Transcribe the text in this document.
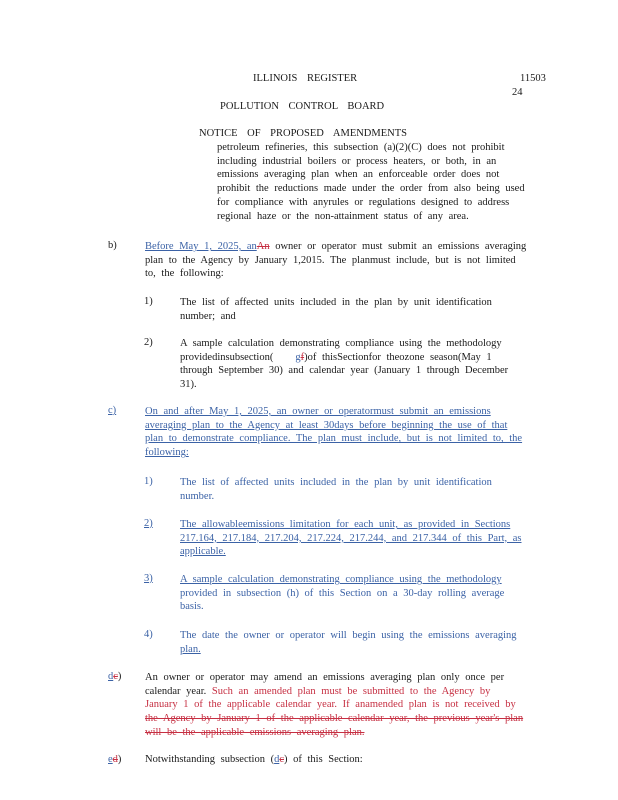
ILLINOIS REGISTER	11503
24
POLLUTION CONTROL BOARD
NOTICE OF PROPOSED AMENDMENTS
petroleum refineries, this subsection (a)(2)(C) does not prohibit
including industrial boilers or process heaters, or both, in an
emissions averaging plan when an enforceable order does not
prohibit the reductions made under the order from also being used
for compliance with anyrules or regulations designed to address
regional haze or the non-attainment status of any area.
b)	Before May 1, 2025, anAn owner or operator must submit an emissions averaging
plan to the Agency by January 1,2015. The planmust include, but is not limited
to, the following:
1)	The list of affected units included in the plan by unit identification
number; and
2)	A sample calculation demonstrating compliance using the methodology
providedinsubsection( gf)of thisSectionfor theozone season(May 1
through September 30) and calendar year (January 1 through December
31).
c)	On and after May 1, 2025, an owner or operatormust submit an emissions
averaging plan to the Agency at least 30days before beginning the use of that
plan to demonstrate compliance. The plan must include, but is not limited to, the
following:
1)	The list of affected units included in the plan by unit identification
number.
2)	The allowableemissions limitation for each unit, as provided in Sections
217.164, 217.184, 217.204, 217.224, 217.244, and 217.344 of this Part, as
applicable.
3)	A sample calculation demonstrating compliance using the methodology
provided in subsection (h) of this Section on a 30-day rolling average
basis.
4)	The date the owner or operator will begin using the emissions averaging
plan.
dc) An owner or operator may amend an emissions averaging plan only once per
calendar year. Such an amended plan must be submitted to the Agency by
January 1 of the applicable calendar year. If anamended plan is not received by
the Agency by January 1 of the applicable calendar year, the previous year's plan
will be the applicable emissions averaging plan.
ed) Notwithstanding subsection (dc) of this Section:
